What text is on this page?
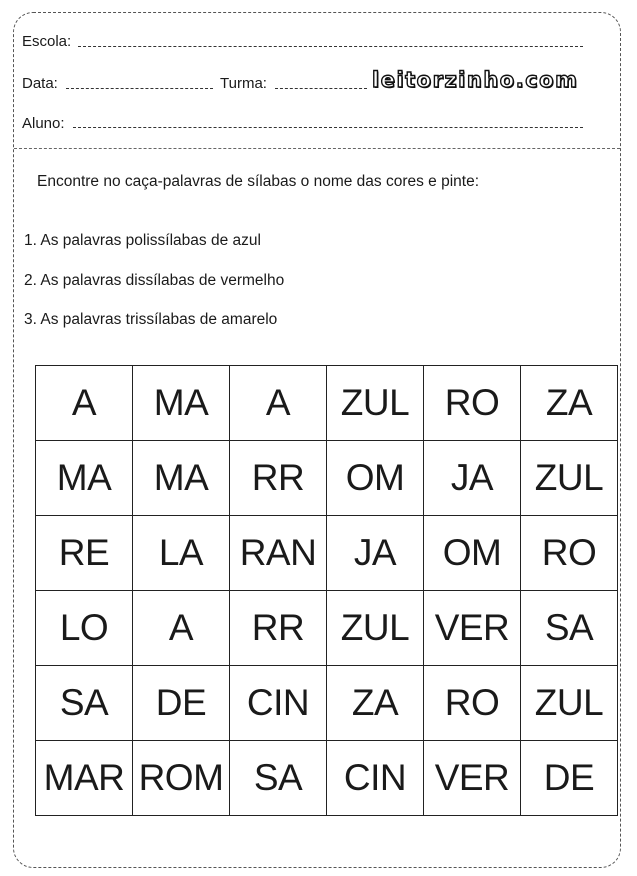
Escola:
Data:	Turma:	leitorzinho.com
Aluno:
Encontre no caça-palavras de sílabas o nome das cores e pinte:
1. As palavras polissílabas de azul
2. As palavras dissílabas de vermelho
3. As palavras trissílabas de amarelo
A	MA	A	ZUL	RO	ZA
MA	MA	RR	OM	JA	ZUL
RE	LA	RAN	JA	OM	RO
LO	A	RR	ZUL	VER	SA
SA	DE	CIN	ZA	RO	ZUL
MAR	ROM	SA	CIN	VER	DE
